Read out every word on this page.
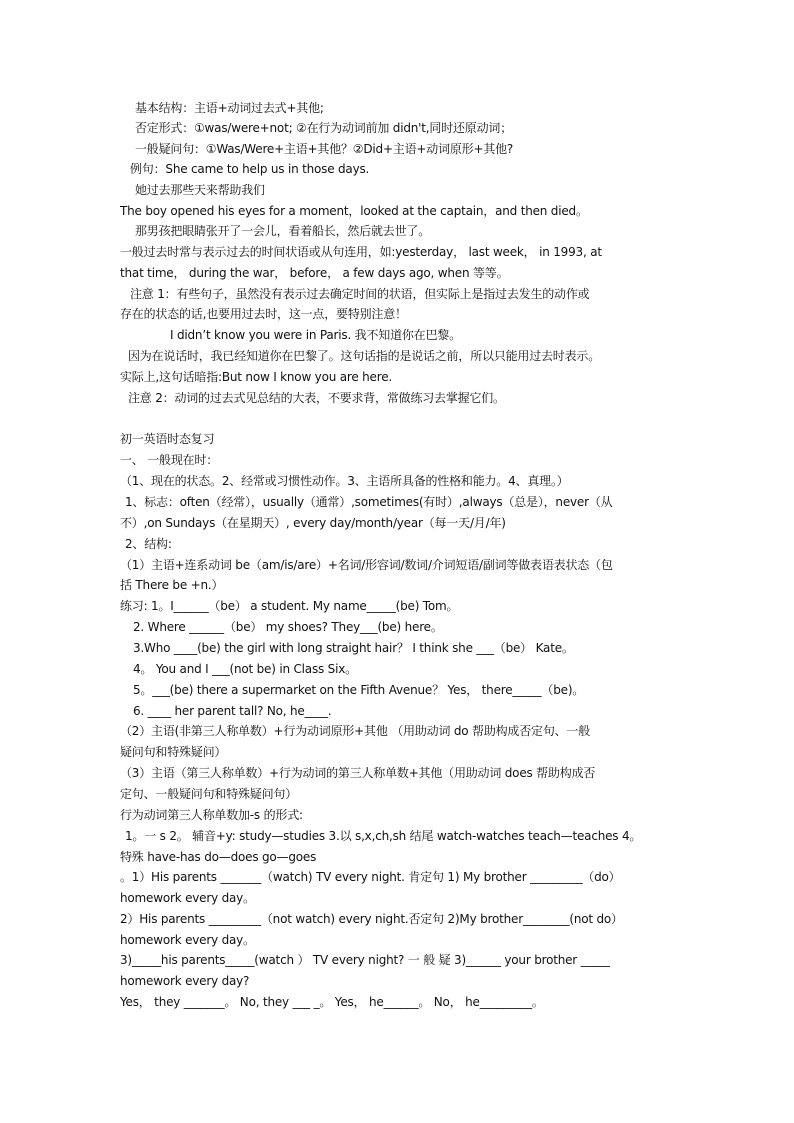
基本结构：主语+动词过去式+其他;
否定形式：①was/were+not; ②在行为动词前加 didn't,同时还原动词；
一般疑问句：①Was/Were+主语+其他？②Did+主语+动词原形+其他?
例句：She came to help us in those days.
她过去那些天来帮助我们
The boy opened his eyes for a moment，looked at the captain，and then died。
那男孩把眼睛张开了一会儿，看着船长，然后就去世了。
一般过去时常与表示过去的时间状语或从句连用，如:yesterday， last week， in 1993, at
that time， during the war， before， a few days ago, when 等等。
注意 1：有些句子，虽然没有表示过去确定时间的状语，但实际上是指过去发生的动作或
存在的状态的话,也要用过去时，这一点，要特别注意！
I didn’t know you were in Paris. 我不知道你在巴黎。
因为在说话时，我已经知道你在巴黎了。这句话指的是说话之前，所以只能用过去时表示。
实际上,这句话暗指:But now I know you are here.
注意 2：动词的过去式见总结的大表，不要求背，常做练习去掌握它们。
初一英语时态复习
一、 一般现在时：
（1、现在的状态。2、经常或习惯性动作。3、主语所具备的性格和能力。4、真理。）
1、标志：often（经常），usually（通常）,sometimes(有时）,always（总是），never（从
不）,on Sundays（在星期天）, every day/month/year（每一天/月/年)
2、结构:
（1）主语+连系动词 be（am/is/are）+名词/形容词/数词/介词短语/副词等做表语表状态（包
括 There be +n.）
练习: 1。I______（be） a student. My name_____(be) Tom。
2. Where ______（be） my shoes? They___(be) here。
3.Who ____(be) the girl with long straight hair？ I think she ___（be） Kate。
4。 You and I ___(not be) in Class Six。
5。___(be) there a supermarket on the Fifth Avenue？ Yes， there_____（be)。
6. ____ her parent tall? No, he____.
（2）主语(非第三人称单数）+行为动词原形+其他 （用助动词 do 帮助构成否定句、一般
疑问句和特殊疑问）
（3）主语（第三人称单数）+行为动词的第三人称单数+其他（用助动词 does 帮助构成否
定句、一般疑问句和特殊疑问句）
行为动词第三人称单数加-s 的形式:
1。一 s 2。 辅音+y: study—studies 3.以 s,x,ch,sh 结尾 watch-watches teach—teaches 4。
特殊 have-has do—does go—goes
。1）His parents _______（watch) TV every night. 肯定句 1) My brother _________（do）
homework every day。
2）His parents _________（not watch) every night.否定句 2)My brother________(not do）
homework every day。
3)_____his parents_____(watch ） TV every night? 一 般 疑 3)______ your brother _____
homework every day?
Yes， they _______。 No, they ___ _。 Yes， he______。 No， he_________。
